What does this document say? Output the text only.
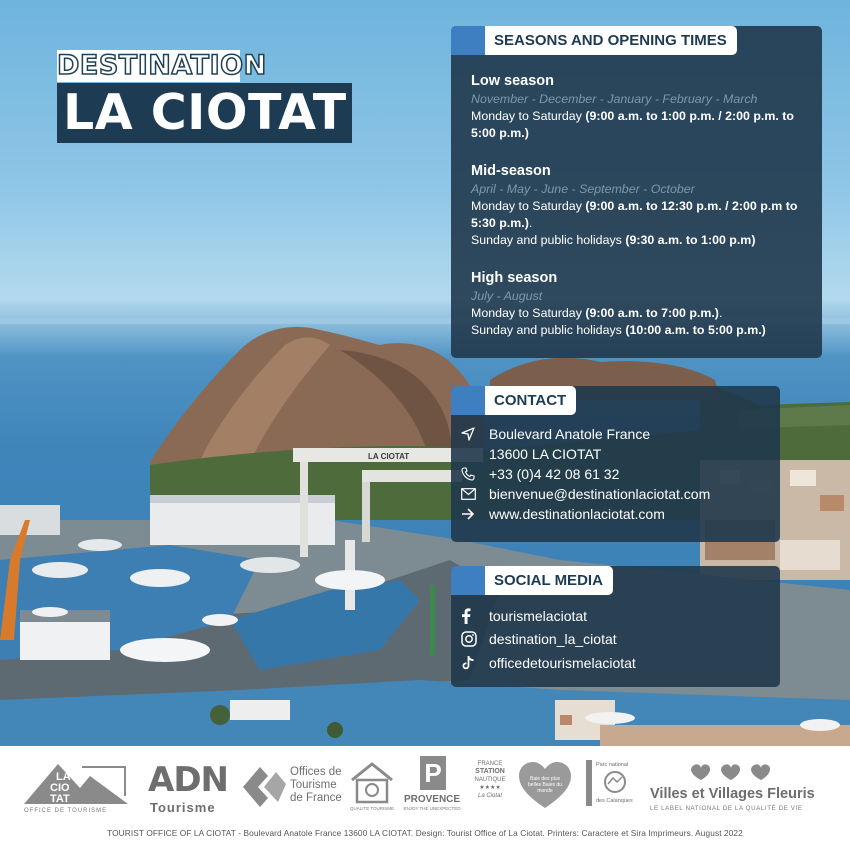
LA CIOTAT
DESTINATION
LA CIOTAT
SEASONS AND OPENING TIMES
Low season
November - December - January - February - March

Monday to Saturday (9:00 a.m. to 1:00 p.m. / 2:00 p.m. to 5:00 p.m.)

Mid-season
April - May - June - September - October

Monday to Saturday (9:00 a.m. to 12:30 p.m. / 2:00 p.m to 5:30 p.m.).

Sunday and public holidays (9:30 a.m. to 1:00 p.m)

High season
July - August

Monday to Saturday (9:00 a.m. to 7:00 p.m.).

Sunday and public holidays (10:00 a.m. to 5:00 p.m.)

CONTACT
Boulevard Anatole France
13600 LA CIOTAT
+33 (0)4 42 08 61 32
bienvenue@destinationlaciotat.com
www.destinationlaciotat.com
SOCIAL MEDIA
tourismelaciotat
destination_la_ciotat
officedetourismelaciotat
LA
CIO
TAT
OFFICE DE TOURISME
ADN
Tourisme
Offices de
Tourisme
de France
QUALITÉ TOURISME
P
PROVENCE
ENJOY THE UNEXPECTED
FRANCE
STATION
NAUTIQUE
★★★★
La Ciotat
Baie des plus belles Baies du monde	partenaire
Parc national
des Calanques Villes et Villages Fleuris
LE LABEL NATIONAL DE LA QUALITÉ DE VIE
TOURIST OFFICE OF LA CIOTAT - Boulevard Anatole France 13600 LA CIOTAT. Design: Tourist Office of La Ciotat. Printers: Caractere et Sira Imprimeurs. August 2022
